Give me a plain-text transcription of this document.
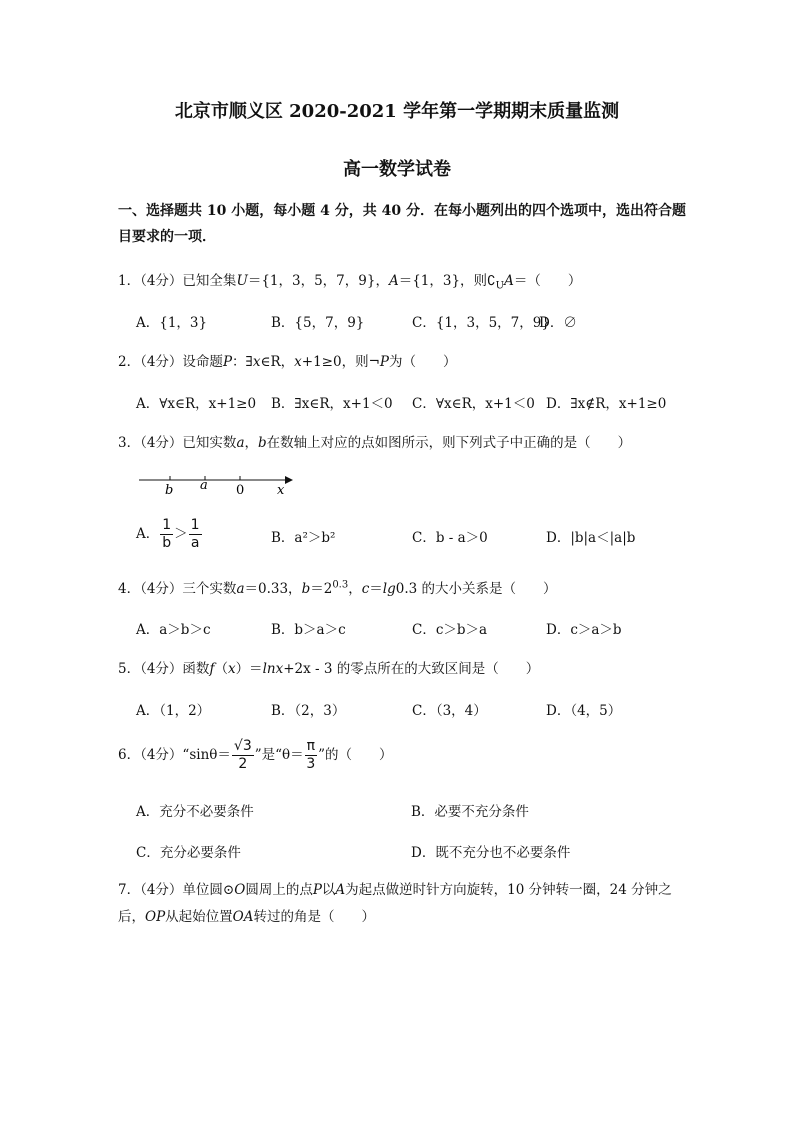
北京市顺义区 2020-2021 学年第一学期期末质量监测
高一数学试卷
一、选择题共 10 小题，每小题 4 分，共 40 分．在每小题列出的四个选项中，选出符合题目要求的一项．
1．（4分）已知全集U＝{1，3，5，7，9}，A＝{1，3}，则$∁_UA=$（　　）
A．{1，3}	B．{5，7，9}	C．{1，3，5，7，9}
D．∅
2．（4分）设命题P：∃x∈R，x+1≥0，则¬P为（　　）
A．∀x∈R，x+1≥0 B．∃x∈R，x+1＜0 C．∀x∈R，x+1＜0 D．∃x∉R，x+1≥0
3．（4分）已知实数a，b在数轴上对应的点如图所示，则下列式子中正确的是（　　）
b a 0	x
A． $\frac{1}{b} > \frac{1}{a}$	B．a²＞b²	C．b - a＞0	D．|b|a＜|a|b
4．（4分）三个实数a＝0.33，$b=2^{0.3}$，c＝lg0.3 的大小关系是（　　）
A．a＞b＞c	B．b＞a＞c	C．c＞b＞a	D．c＞a＞b
5．（4分）函数f（x）＝lnx+2x - 3 的零点所在的大致区间是（　　）
A．（1，2）	B．（2，3）	C．（3，4）	D．（4，5）
6．（4分）“sinθ＝ $\frac{√3}{2}$ ”是“$\theta= \frac{\pi}{3}$ ”的（　　）
A．充分不必要条件	B．必要不充分条件
C．充分必要条件	D．既不充分也不必要条件
7．（4分）单位圆⊙O圆周上的点P以A为起点做逆时针方向旋转，10 分钟转一圈，24 分钟之后，OP从起始位置OA转过的角是（　　）
